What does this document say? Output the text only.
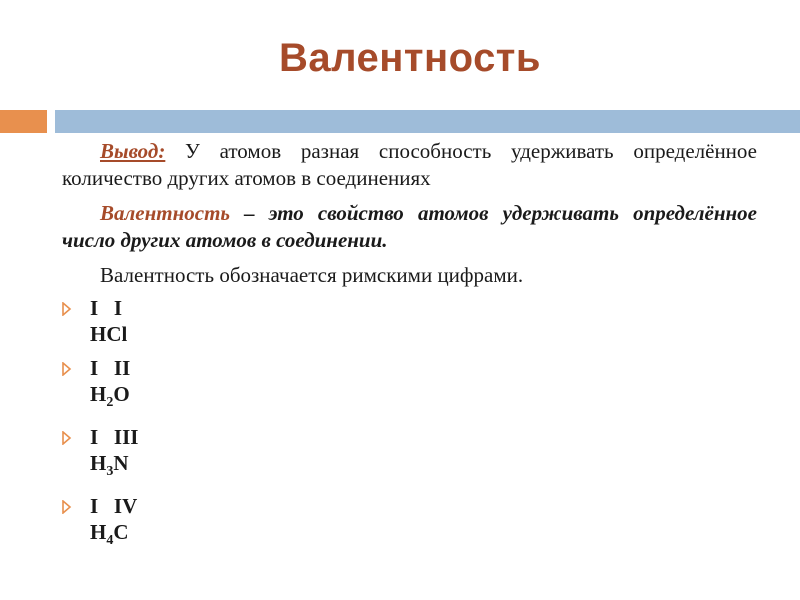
Валентность

Вывод: У атомов разная способность удерживать определённое количество других атомов в соединениях

Валентность – это свойство атомов удерживать определённое число других атомов в соединении.

Валентность обозначается римскими цифрами.

I   I
HCl
I   II
$H_2O$
I   III
$H_3N$
I   IV
$H_4C$
